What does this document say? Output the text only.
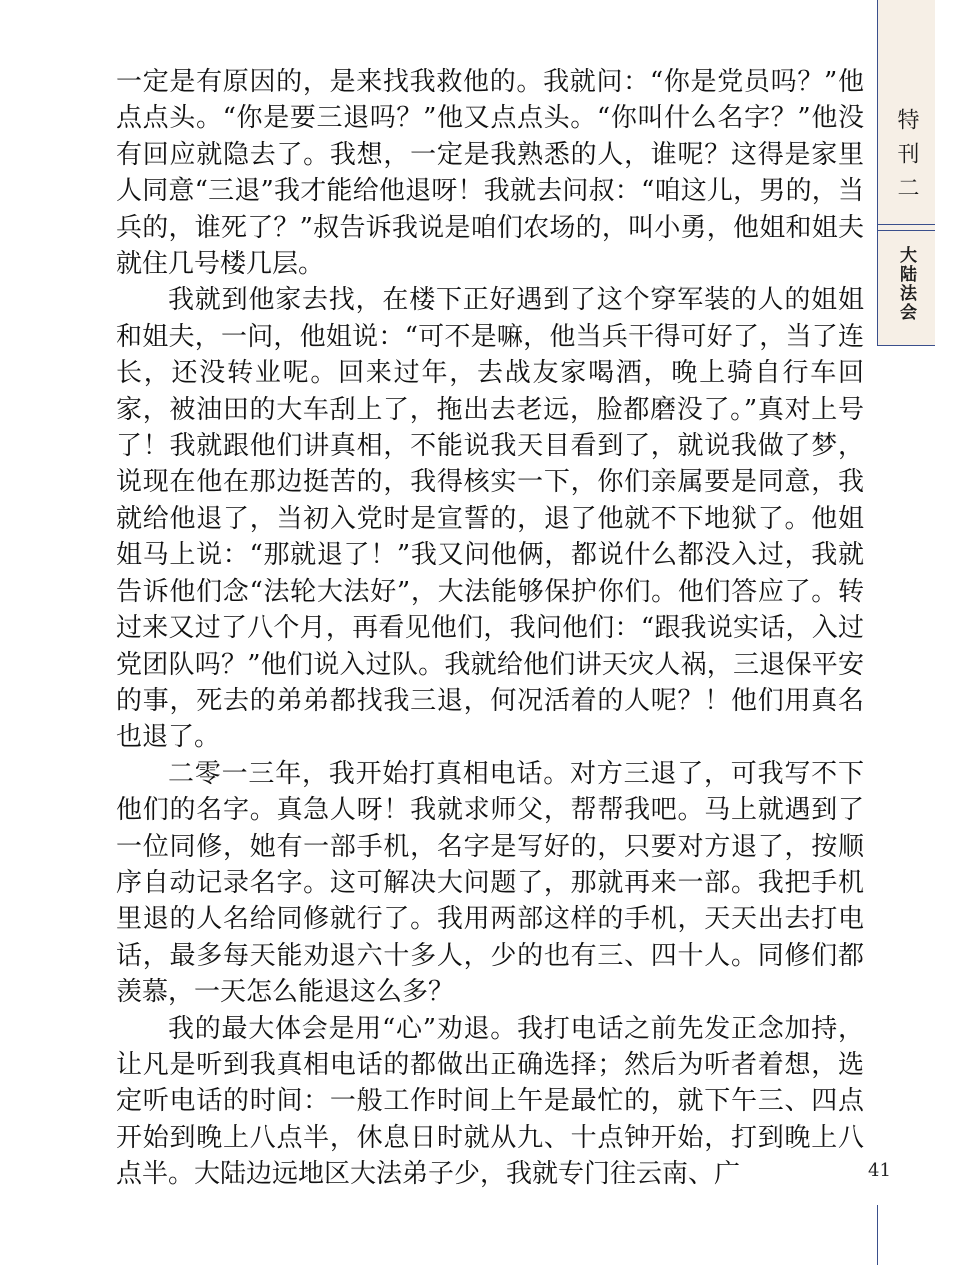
特刊二
大陆法会

一定是有原因的，是来找我救他的。我就问：“你是党员吗？”他点点头。“你是要三退吗？”他又点点头。“你叫什么名字？”他没有回应就隐去了。我想，一定是我熟悉的人，谁呢？这得是家里人同意“三退”我才能给他退呀！我就去问叔：“咱这儿，男的，当兵的，谁死了？”叔告诉我说是咱们农场的，叫小勇，他姐和姐夫就住几号楼几层。

我就到他家去找，在楼下正好遇到了这个穿军装的人的姐姐和姐夫，一问，他姐说：“可不是嘛，他当兵干得可好了，当了连长，还没转业呢。回来过年，去战友家喝酒，晚上骑自行车回家，被油田的大车刮上了，拖出去老远，脸都磨没了。”真对上号了！我就跟他们讲真相，不能说我天目看到了，就说我做了梦，说现在他在那边挺苦的，我得核实一下，你们亲属要是同意，我就给他退了，当初入党时是宣誓的，退了他就不下地狱了。他姐姐马上说：“那就退了！”我又问他俩，都说什么都没入过，我就告诉他们念“法轮大法好”，大法能够保护你们。他们答应了。转过来又过了八个月，再看见他们，我问他们：“跟我说实话，入过党团队吗？”他们说入过队。我就给他们讲天灾人祸，三退保平安的事，死去的弟弟都找我三退，何况活着的人呢？！他们用真名也退了。

二零一三年，我开始打真相电话。对方三退了，可我写不下他们的名字。真急人呀！我就求师父，帮帮我吧。马上就遇到了一位同修，她有一部手机，名字是写好的，只要对方退了，按顺序自动记录名字。这可解决大问题了，那就再来一部。我把手机里退的人名给同修就行了。我用两部这样的手机，天天出去打电话，最多每天能劝退六十多人，少的也有三、四十人。同修们都羡慕，一天怎么能退这么多？

我的最大体会是用“心”劝退。我打电话之前先发正念加持，让凡是听到我真相电话的都做出正确选择；然后为听者着想，选定听电话的时间：一般工作时间上午是最忙的，就下午三、四点开始到晚上八点半，休息日时就从九、十点钟开始，打到晚上八点半。大陆边远地区大法弟子少，我就专门往云南、广	41
